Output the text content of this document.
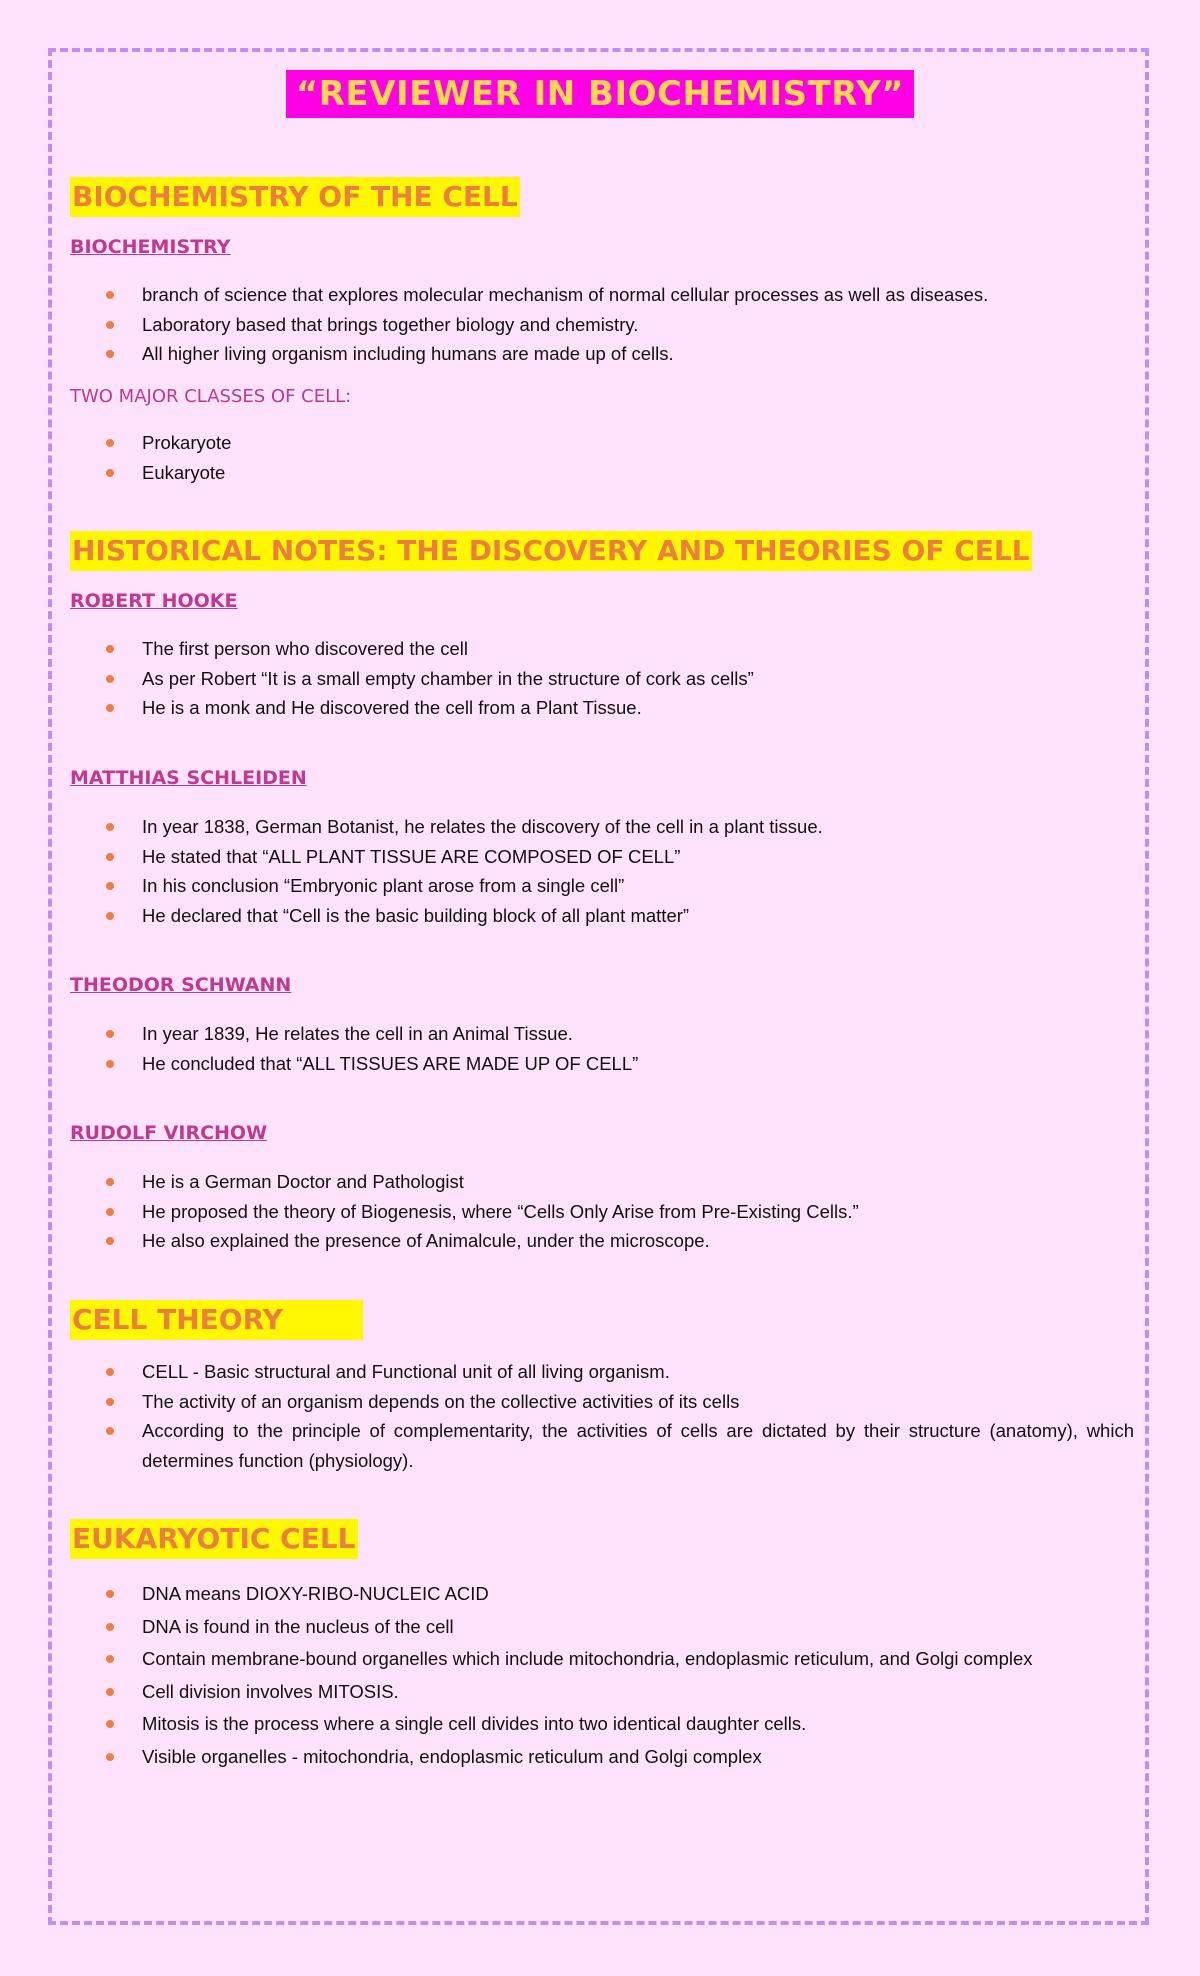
“REVIEWER IN BIOCHEMISTRY”
BIOCHEMISTRY OF THE CELL
BIOCHEMISTRY
branch of science that explores molecular mechanism of normal cellular processes as well as diseases.
Laboratory based that brings together biology and chemistry.
All higher living organism including humans are made up of cells.
TWO MAJOR CLASSES OF CELL:
Prokaryote
Eukaryote
HISTORICAL NOTES: THE DISCOVERY AND THEORIES OF CELL
ROBERT HOOKE
The first person who discovered the cell
As per Robert “It is a small empty chamber in the structure of cork as cells”
He is a monk and He discovered the cell from a Plant Tissue.
MATTHIAS SCHLEIDEN
In year 1838, German Botanist, he relates the discovery of the cell in a plant tissue.
He stated that “ALL PLANT TISSUE ARE COMPOSED OF CELL”
In his conclusion “Embryonic plant arose from a single cell”
He declared that “Cell is the basic building block of all plant matter”
THEODOR SCHWANN
In year 1839, He relates the cell in an Animal Tissue.
He concluded that “ALL TISSUES ARE MADE UP OF CELL”
RUDOLF VIRCHOW
He is a German Doctor and Pathologist
He proposed the theory of Biogenesis, where “Cells Only Arise from Pre-Existing Cells.”
He also explained the presence of Animalcule, under the microscope.
CELL THEORY
CELL - Basic structural and Functional unit of all living organism.
The activity of an organism depends on the collective activities of its cells
According to the principle of complementarity, the activities of cells are dictated by their structure (anatomy), which determines function (physiology).
EUKARYOTIC CELL
DNA means DIOXY-RIBO-NUCLEIC ACID
DNA is found in the nucleus of the cell
Contain membrane-bound organelles which include mitochondria, endoplasmic reticulum, and Golgi complex
Cell division involves MITOSIS.
Mitosis is the process where a single cell divides into two identical daughter cells.
Visible organelles - mitochondria, endoplasmic reticulum and Golgi complex
